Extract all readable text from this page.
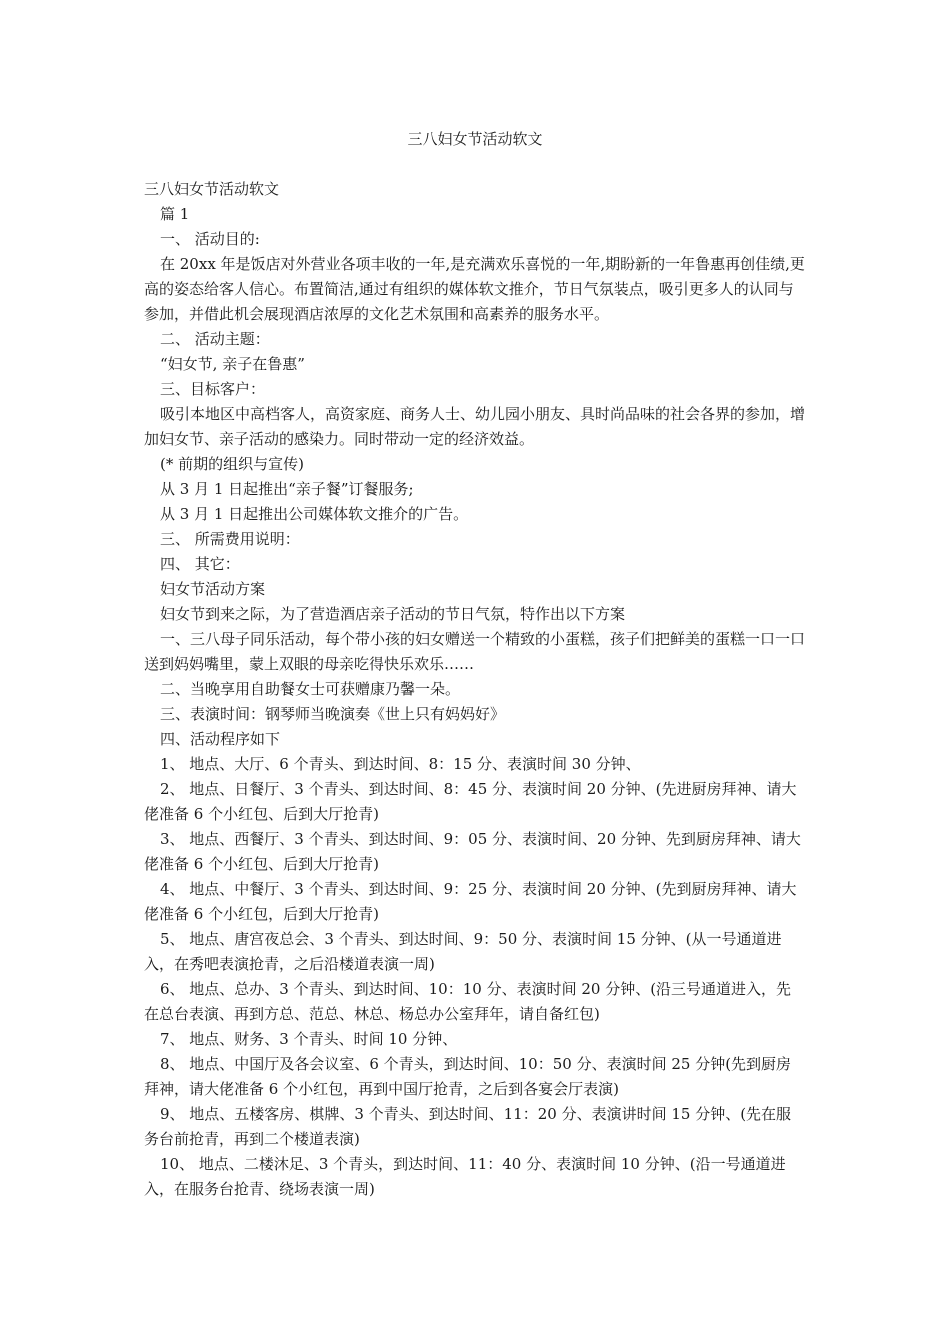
三八妇女节活动软文
三八妇女节活动软文

篇 1

一、 活动目的:

在 20xx 年是饭店对外营业各项丰收的一年,是充满欢乐喜悦的一年,期盼新的一年鲁惠再创佳绩,更高的姿态给客人信心。布置简洁,通过有组织的媒体软文推介，节日气氛装点，吸引更多人的认同与参加，并借此机会展现酒店浓厚的文化艺术氛围和高素养的服务水平。

二、 活动主题：

“妇女节, 亲子在鲁惠”

三、目标客户：

吸引本地区中高档客人，高资家庭、商务人士、幼儿园小朋友、具时尚品味的社会各界的参加，增加妇女节、亲子活动的感染力。同时带动一定的经济效益。

(* 前期的组织与宣传)

从 3 月 1 日起推出“亲子餐”订餐服务;

从 3 月 1 日起推出公司媒体软文推介的广告。

三、 所需费用说明：

四、 其它：

妇女节活动方案

妇女节到来之际，为了营造酒店亲子活动的节日气氛，特作出以下方案

一、三八母子同乐活动，每个带小孩的妇女赠送一个精致的小蛋糕，孩子们把鲜美的蛋糕一口一口送到妈妈嘴里，蒙上双眼的母亲吃得快乐欢乐……

二、当晚享用自助餐女士可获赠康乃馨一朵。

三、表演时间：钢琴师当晚演奏《世上只有妈妈好》

四、活动程序如下

1、 地点、大厅、6 个青头、到达时间、8：15 分、表演时间 30 分钟、

2、 地点、日餐厅、3 个青头、到达时间、8：45 分、表演时间 20 分钟、(先进厨房拜神、请大佬准备 6 个小红包、后到大厅抢青)

3、 地点、西餐厅、3 个青头、到达时间、9：05 分、表演时间、20 分钟、先到厨房拜神、请大佬准备 6 个小红包、后到大厅抢青)

4、 地点、中餐厅、3 个青头、到达时间、9：25 分、表演时间 20 分钟、(先到厨房拜神、请大佬准备 6 个小红包，后到大厅抢青)

5、 地点、唐宫夜总会、3 个青头、到达时间、9：50 分、表演时间 15 分钟、(从一号通道进入，在秀吧表演抢青，之后沿楼道表演一周)

6、 地点、总办、3 个青头、到达时间、10：10 分、表演时间 20 分钟、(沿三号通道进入，先在总台表演、再到方总、范总、林总、杨总办公室拜年，请自备红包)

7、 地点、财务、3 个青头、时间 10 分钟、

8、 地点、中国厅及各会议室、6 个青头，到达时间、10：50 分、表演时间 25 分钟(先到厨房拜神，请大佬准备 6 个小红包，再到中国厅抢青，之后到各宴会厅表演)

9、 地点、五楼客房、棋牌、3 个青头、到达时间、11：20 分、表演讲时间 15 分钟、(先在服务台前抢青，再到二个楼道表演)

10、 地点、二楼沐足、3 个青头，到达时间、11：40 分、表演时间 10 分钟、(沿一号通道进入，在服务台抢青、绕场表演一周)
